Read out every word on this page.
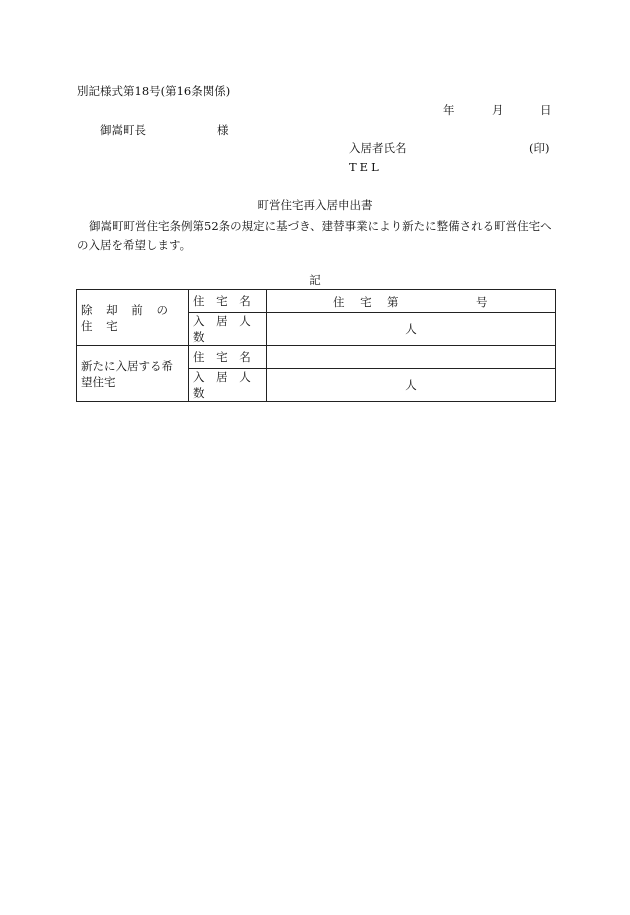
別記様式第18号(第16条関係)
年	月	日
御嵩町長	様
入居者氏名	(印)
TEL
町営住宅再入居申出書
御嵩町町営住宅条例第52条の規定に基づき、建替事業により新たに整備される町営住宅への入居を希望します。
記
除 却 前 の 住 宅	住 宅 名	住 宅 第 号

	入 居 人 数	人
新たに入居する希望住宅	住 宅 名	
	入 居 人 数	人
